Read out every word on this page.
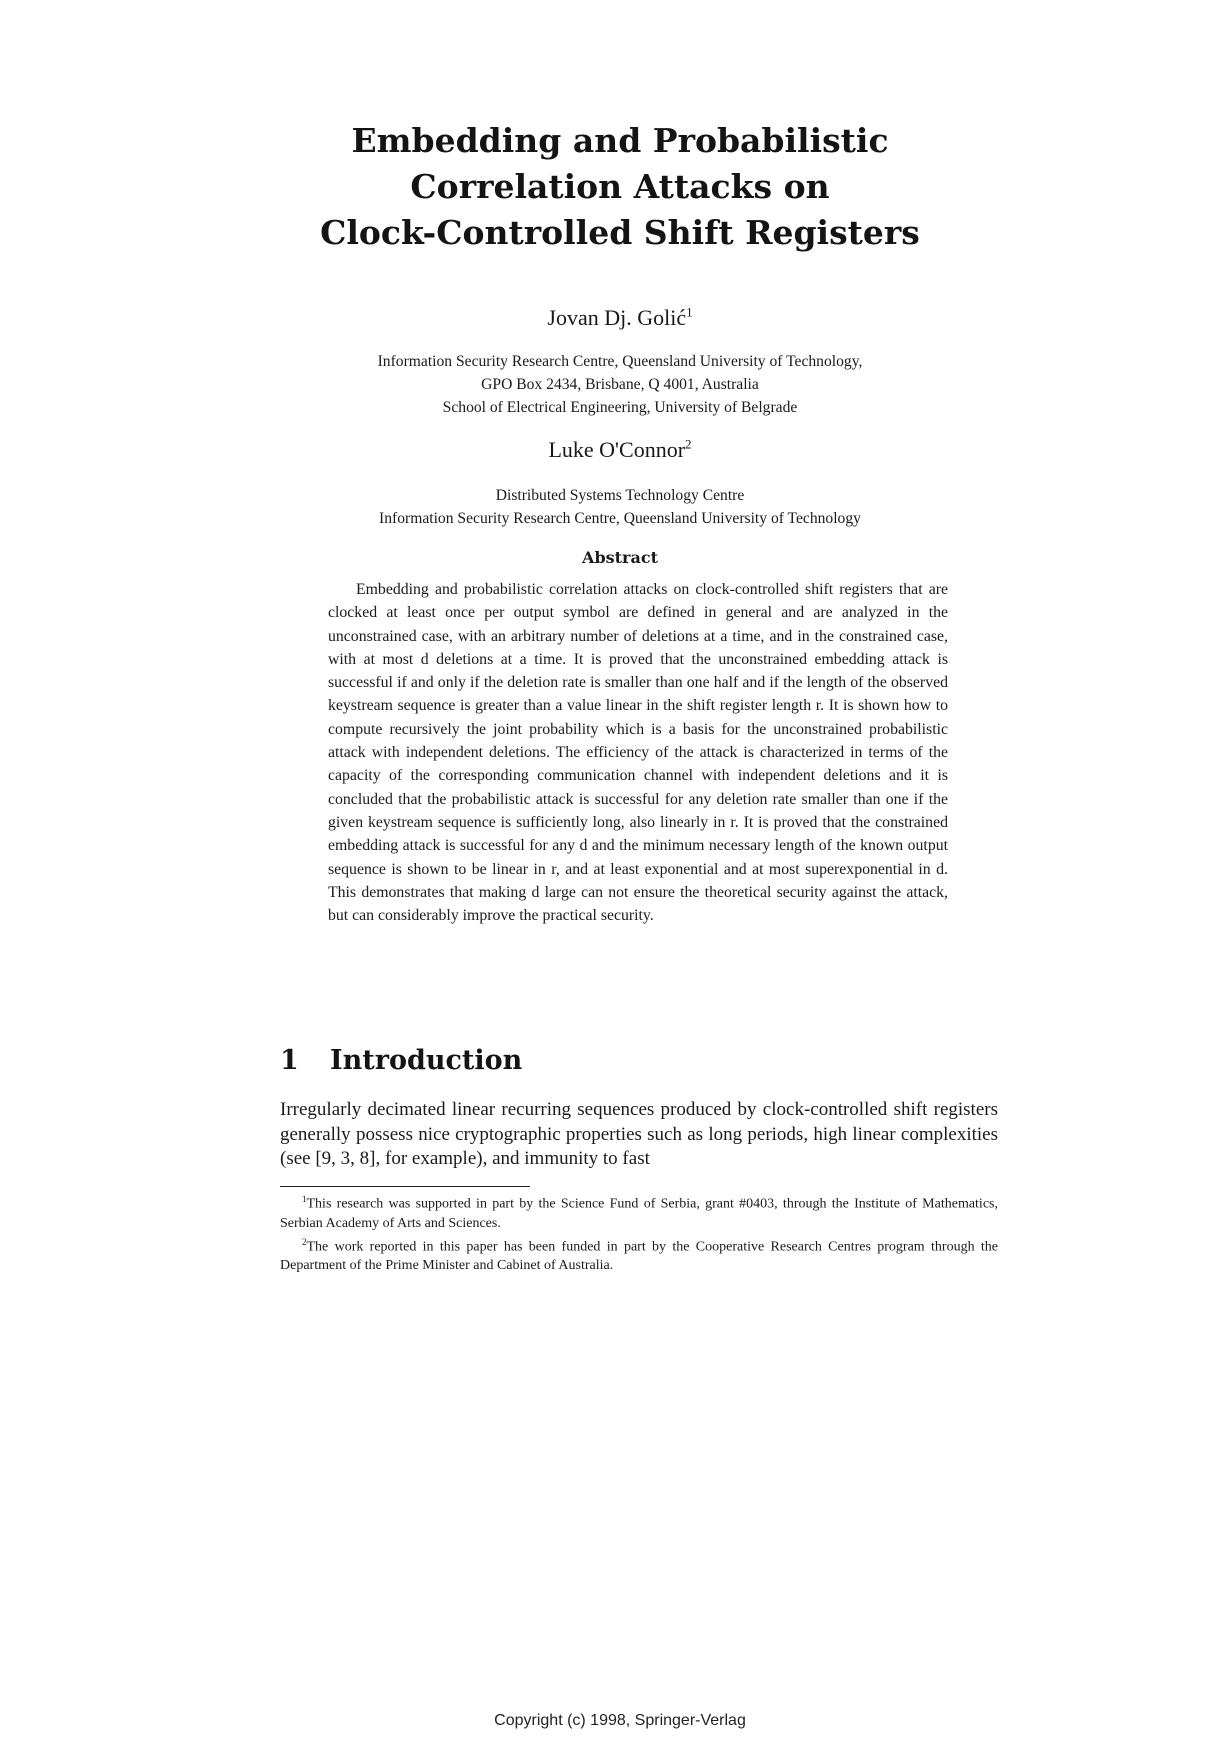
Embedding and Probabilistic
Correlation Attacks on
Clock-Controlled Shift Registers
Jovan Dj. Golić$^1$
Information Security Research Centre, Queensland University of Technology,
GPO Box 2434, Brisbane, Q 4001, Australia
School of Electrical Engineering, University of Belgrade
Luke O'Connor$^2$
Distributed Systems Technology Centre
Information Security Research Centre, Queensland University of Technology
Abstract

Embedding and probabilistic correlation attacks on clock-controlled shift registers that are clocked at least once per output symbol are defined in general and are analyzed in the unconstrained case, with an arbitrary number of deletions at a time, and in the constrained case, with at most d deletions at a time. It is proved that the unconstrained embedding attack is successful if and only if the deletion rate is smaller than one half and if the length of the observed keystream sequence is greater than a value linear in the shift register length r. It is shown how to compute recursively the joint probability which is a basis for the unconstrained probabilistic attack with independent deletions. The efficiency of the attack is characterized in terms of the capacity of the corresponding communication channel with independent deletions and it is concluded that the probabilistic attack is successful for any deletion rate smaller than one if the given keystream sequence is sufficiently long, also linearly in r. It is proved that the constrained embedding attack is successful for any d and the minimum necessary length of the known output sequence is shown to be linear in r, and at least exponential and at most superexponential in d. This demonstrates that making d large can not ensure the theoretical security against the attack, but can considerably improve the practical security.

1 Introduction

Irregularly decimated linear recurring sequences produced by clock-controlled shift registers generally possess nice cryptographic properties such as long periods, high linear complexities (see [9, 3, 8], for example), and immunity to fast

$^1$This research was supported in part by the Science Fund of Serbia, grant #0403, through the Institute of Mathematics, Serbian Academy of Arts and Sciences.

$^2$The work reported in this paper has been funded in part by the Cooperative Research Centres program through the Department of the Prime Minister and Cabinet of Australia.

Copyright (c) 1998, Springer-Verlag
